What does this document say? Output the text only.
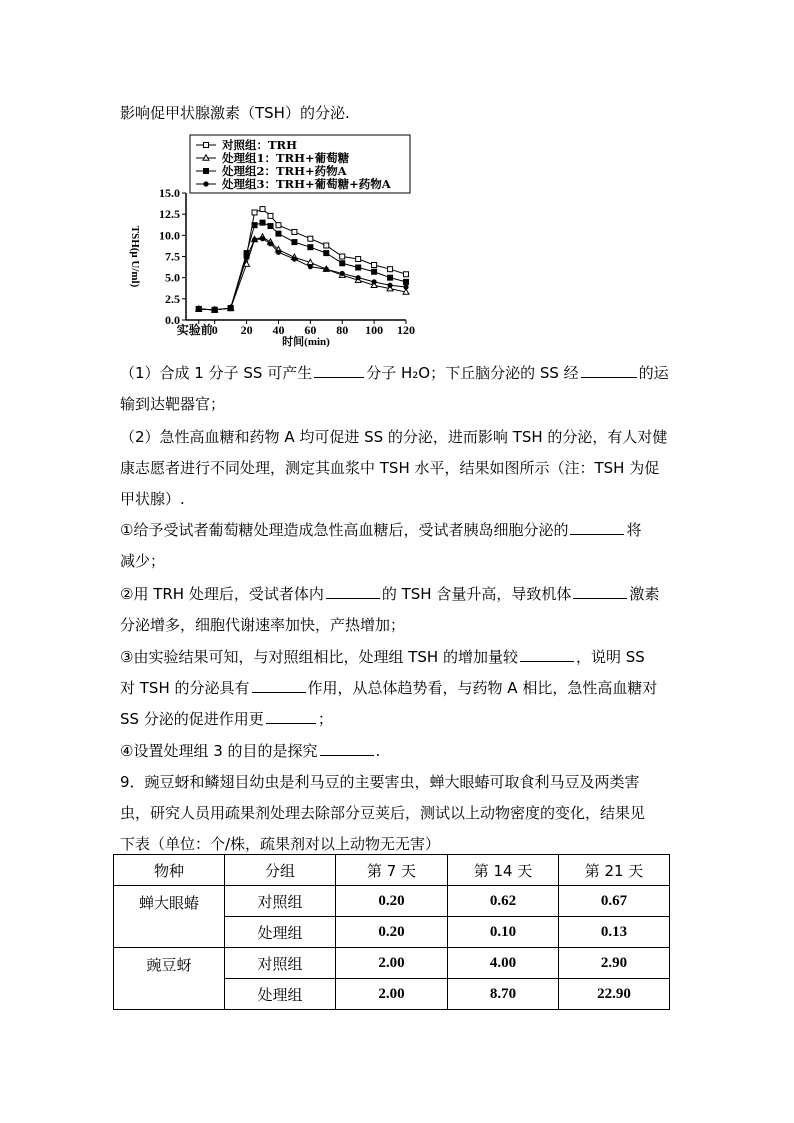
影响促甲状腺激素（TSH）的分泌.
15.0
12.5
10.0
7.5
5.0
2.5
0.0
实验前
0 20 40 60 80 100 120
时间(min)
TSH(μ U/ml)
对照组：TRH
处理组1：TRH+葡萄糖
处理组2：TRH+药物A
处理组3：TRH+葡萄糖+药物A
（1）合成 1 分子 SS 可产生	分子 H₂O；下丘脑分泌的 SS 经	的运
输到达靶器官；
（2）急性高血糖和药物 A 均可促进 SS 的分泌，进而影响 TSH 的分泌，有人对健
康志愿者进行不同处理，测定其血浆中 TSH 水平，结果如图所示（注：TSH 为促
甲状腺）.
①给予受试者葡萄糖处理造成急性高血糖后，受试者胰岛细胞分泌的	将
减少；
②用 TRH 处理后，受试者体内	的 TSH 含量升高，导致机体	激素
分泌增多，细胞代谢速率加快，产热增加；
③由实验结果可知，与对照组相比，处理组 TSH 的增加量较	，说明 SS
对 TSH 的分泌具有	作用，从总体趋势看，与药物 A 相比，急性高血糖对
SS 分泌的促进作用更	；
④设置处理组 3 的目的是探究	.
9．豌豆蚜和鳞翅目幼虫是利马豆的主要害虫，蝉大眼蝽可取食利马豆及两类害
虫，研究人员用疏果剂处理去除部分豆荚后，测试以上动物密度的变化，结果见
下表（单位：个/株，疏果剂对以上动物无无害）
物种	分组	第 7 天	第 14 天	第 21 天
蝉大眼蝽	对照组	0.20	0.62	0.67
	处理组	0.20	0.10	0.13
豌豆蚜	对照组	2.00	4.00	2.90
	处理组	2.00	8.70	22.90
